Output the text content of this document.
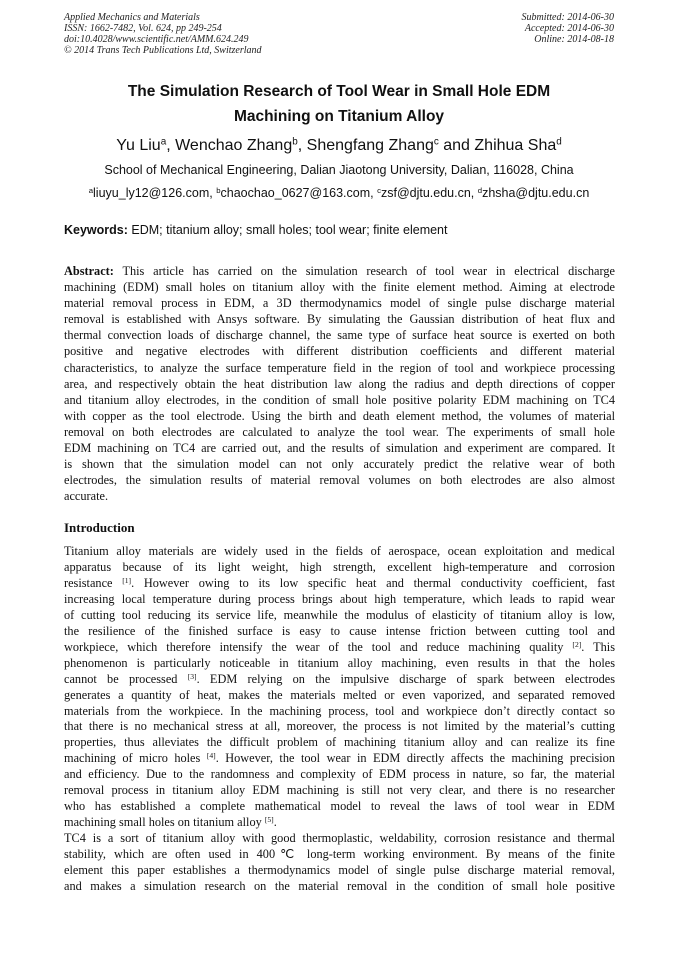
Applied Mechanics and Materials
ISSN: 1662-7482, Vol. 624, pp 249-254
doi:10.4028/www.scientific.net/AMM.624.249
© 2014 Trans Tech Publications Ltd, Switzerland
Submitted: 2014-06-30
Accepted: 2014-06-30
Online: 2014-08-18
The Simulation Research of Tool Wear in Small Hole EDM
Machining on Titanium Alloy
Yu Liu$^a$, Wenchao Zhang$^b$, Shengfang Zhang$^c$ and Zhihua Sha$^d$
School of Mechanical Engineering, Dalian Jiaotong University, Dalian, 116028, China
$^a$liuyu_ly12@126.com, $^b$chaochao_0627@163.com, $^c$zsf@djtu.edu.cn, $^d$zhsha@djtu.edu.cn
Keywords: EDM; titanium alloy; small holes; tool wear; finite element
Abstract: This article has carried on the simulation research of tool wear in electrical discharge
machining (EDM) small holes on titanium alloy with the finite element method. Aiming at electrode
material removal process in EDM, a 3D thermodynamics model of single pulse discharge material
removal is established with Ansys software. By simulating the Gaussian distribution of heat flux and
thermal convection loads of discharge channel, the same type of surface heat source is exerted on both
positive and negative electrodes with different distribution coefficients and different material
characteristics, to analyze the surface temperature field in the region of tool and workpiece processing
area, and respectively obtain the heat distribution law along the radius and depth directions of copper
and titanium alloy electrodes, in the condition of small hole positive polarity EDM machining on TC4
with copper as the tool electrode. Using the birth and death element method, the volumes of material
removal on both electrodes are calculated to analyze the tool wear. The experiments of small hole
EDM machining on TC4 are carried out, and the results of simulation and experiment are compared. It
is shown that the simulation model can not only accurately predict the relative wear of both
electrodes, the simulation results of material removal volumes on both electrodes are also almost
accurate.
Introduction
Titanium alloy materials are widely used in the fields of aerospace, ocean exploitation and medical
apparatus because of its light weight, high strength, excellent high-temperature and corrosion
resistance [1]. However owing to its low specific heat and thermal conductivity coefficient, fast
increasing local temperature during process brings about high temperature, which leads to rapid wear
of cutting tool reducing its service life, meanwhile the modulus of elasticity of titanium alloy is low,
the resilience of the finished surface is easy to cause intense friction between cutting tool and
workpiece, which therefore intensify the wear of the tool and reduce machining quality [2]. This
phenomenon is particularly noticeable in titanium alloy machining, even results in that the holes
cannot be processed [3]. EDM relying on the impulsive discharge of spark between electrodes
generates a quantity of heat, makes the materials melted or even vaporized, and separated removed
materials from the workpiece. In the machining process, tool and workpiece don’t directly contact so
that there is no mechanical stress at all, moreover, the process is not limited by the material’s cutting
properties, thus alleviates the difficult problem of machining titanium alloy and can realize its fine
machining of micro holes [4]. However, the tool wear in EDM directly affects the machining precision
and efficiency. Due to the randomness and complexity of EDM process in nature, so far, the material
removal process in titanium alloy EDM machining is still not very clear, and there is no researcher
who has established a complete mathematical model to reveal the laws of tool wear in EDM
machining small holes on titanium alloy [5].
TC4 is a sort of titanium alloy with good thermoplastic, weldability, corrosion resistance and thermal
stability, which are often used in 400℃ long-term working environment. By means of the finite
element this paper establishes a thermodynamics model of single pulse discharge material removal,
and makes a simulation research on the material removal in the condition of small hole positive
